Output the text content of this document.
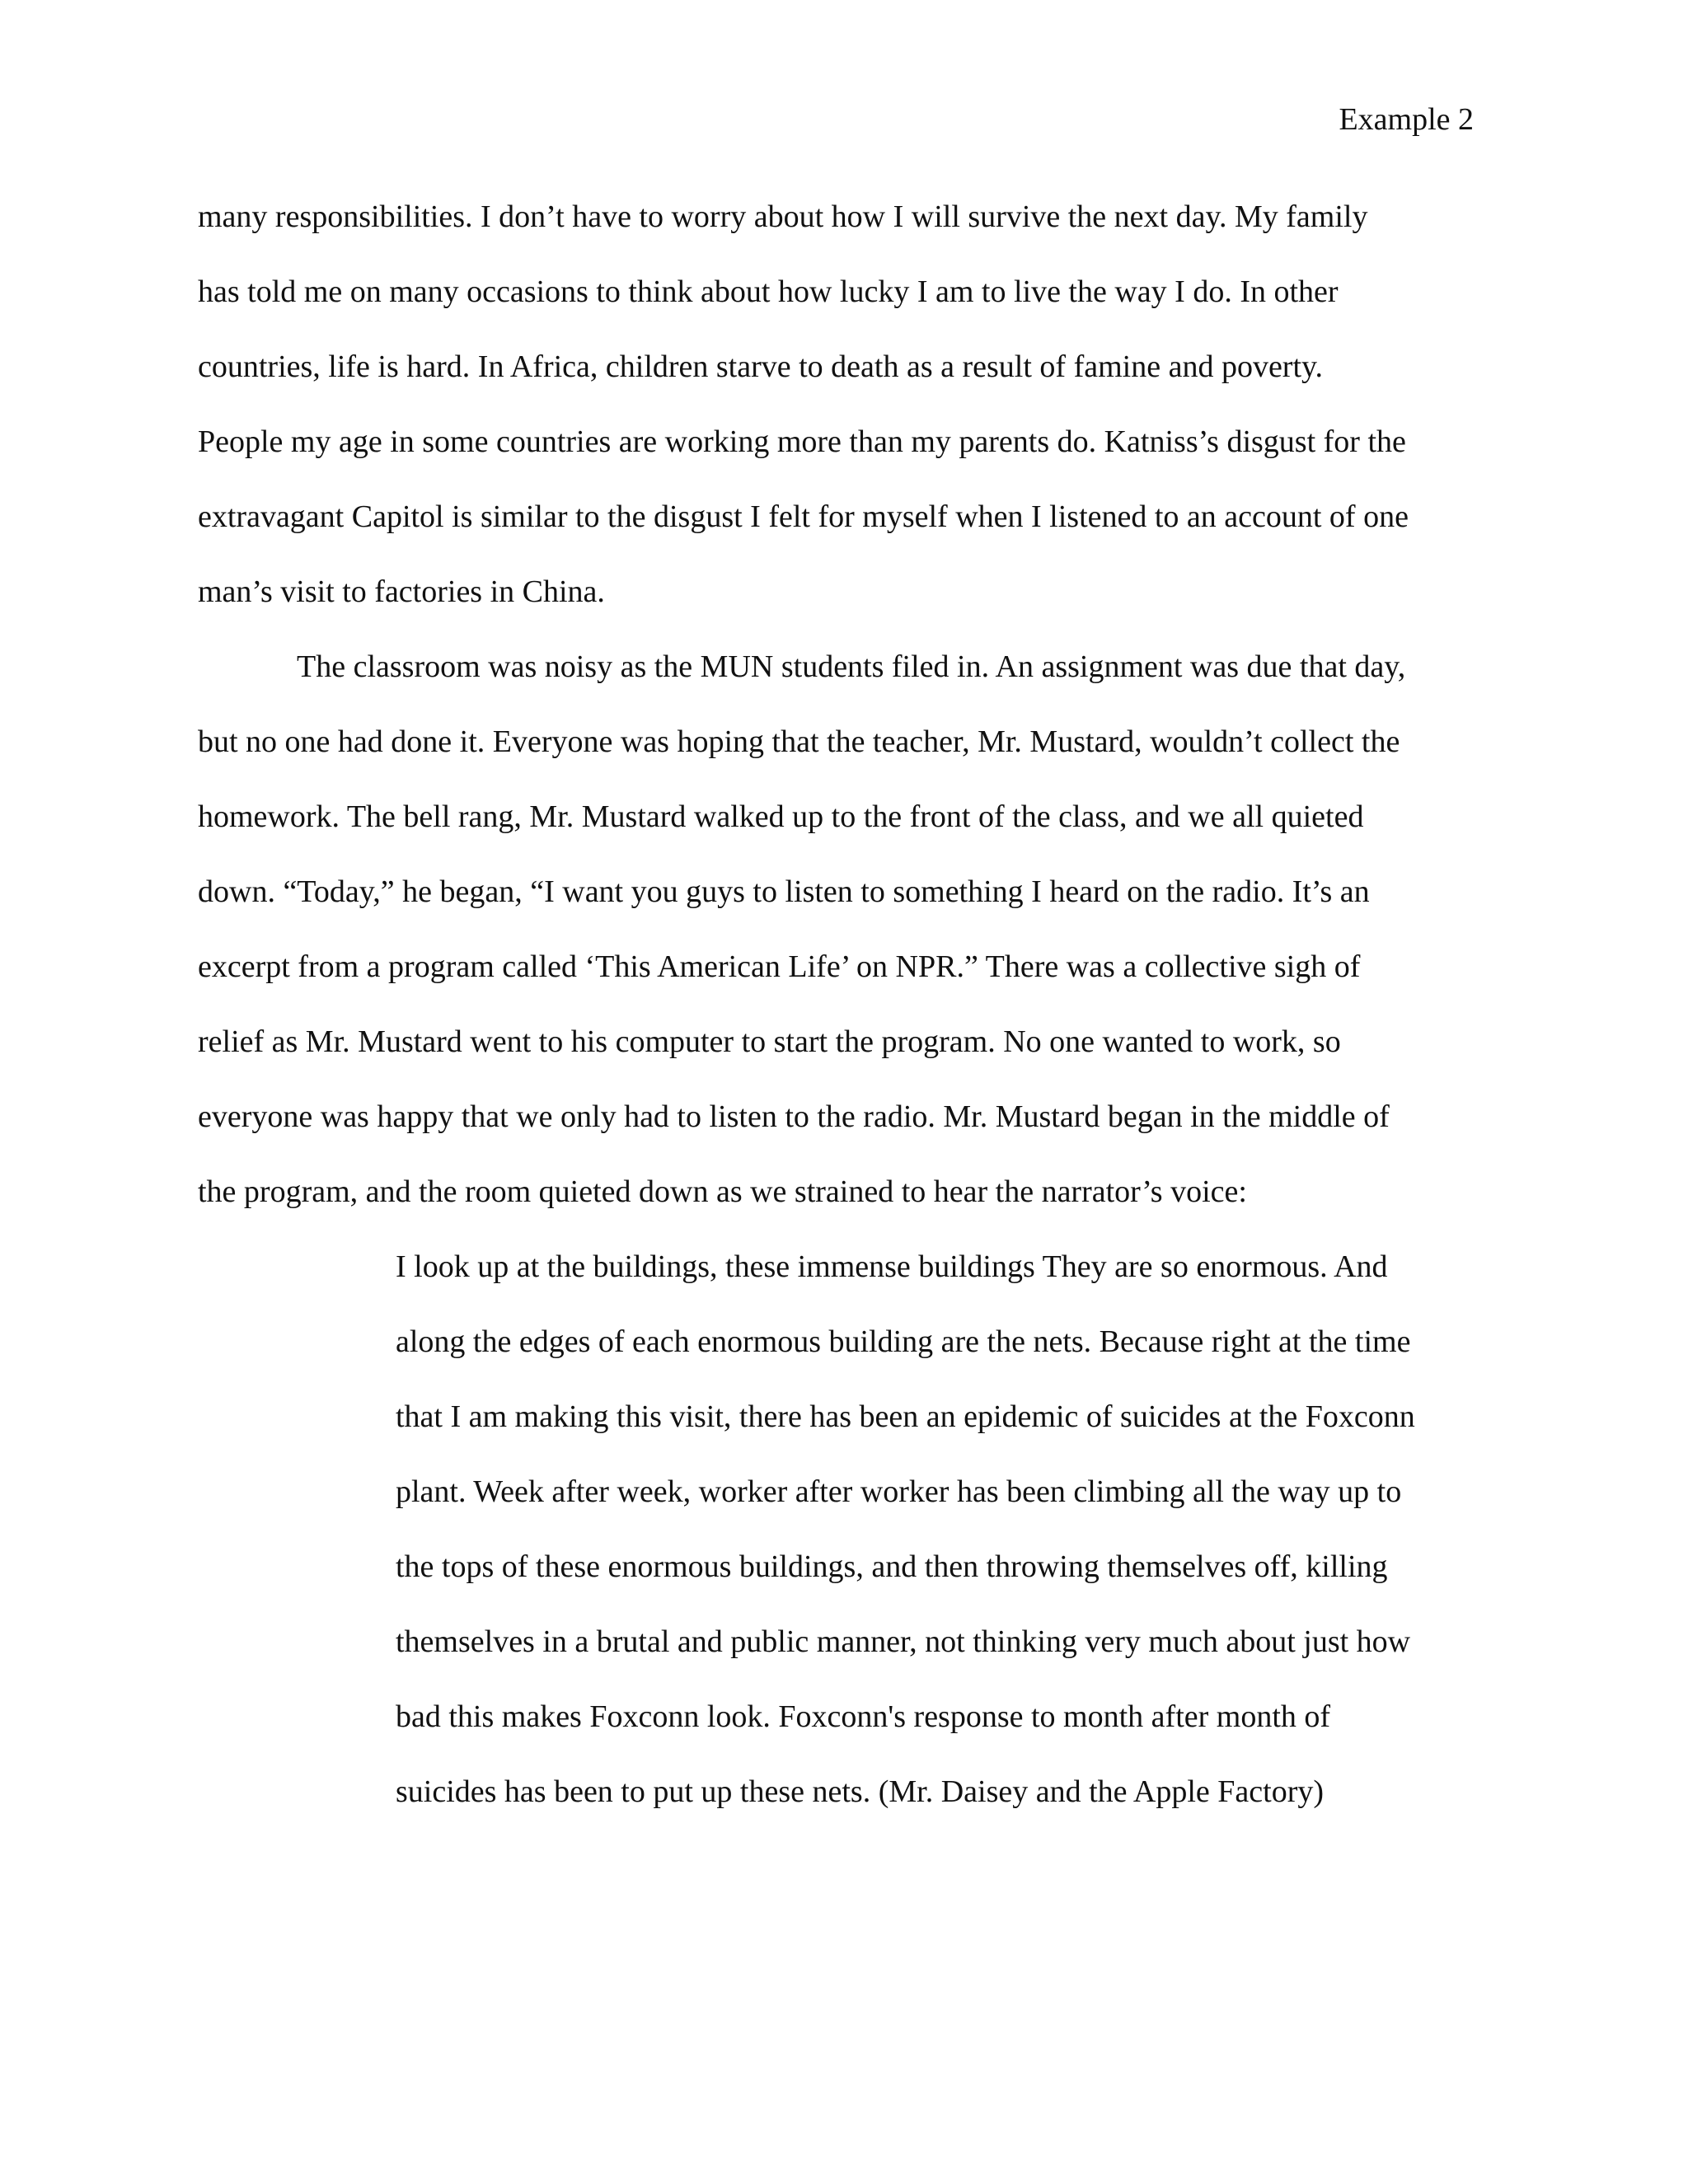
Example 2
many responsibilities. I don’t have to worry about how I will survive the next day. My family
has told me on many occasions to think about how lucky I am to live the way I do. In other
countries, life is hard. In Africa, children starve to death as a result of famine and poverty.
People my age in some countries are working more than my parents do. Katniss’s disgust for the
extravagant Capitol is similar to the disgust I felt for myself when I listened to an account of one
man’s visit to factories in China.
The classroom was noisy as the MUN students filed in. An assignment was due that day,
but no one had done it. Everyone was hoping that the teacher, Mr. Mustard, wouldn’t collect the
homework. The bell rang, Mr. Mustard walked up to the front of the class, and we all quieted
down. “Today,” he began, “I want you guys to listen to something I heard on the radio. It’s an
excerpt from a program called ‘This American Life’ on NPR.” There was a collective sigh of
relief as Mr. Mustard went to his computer to start the program. No one wanted to work, so
everyone was happy that we only had to listen to the radio. Mr. Mustard began in the middle of
the program, and the room quieted down as we strained to hear the narrator’s voice:
I look up at the buildings, these immense buildings They are so enormous. And
along the edges of each enormous building are the nets. Because right at the time
that I am making this visit, there has been an epidemic of suicides at the Foxconn
plant. Week after week, worker after worker has been climbing all the way up to
the tops of these enormous buildings, and then throwing themselves off, killing
themselves in a brutal and public manner, not thinking very much about just how
bad this makes Foxconn look. Foxconn's response to month after month of
suicides has been to put up these nets. (Mr. Daisey and the Apple Factory)
